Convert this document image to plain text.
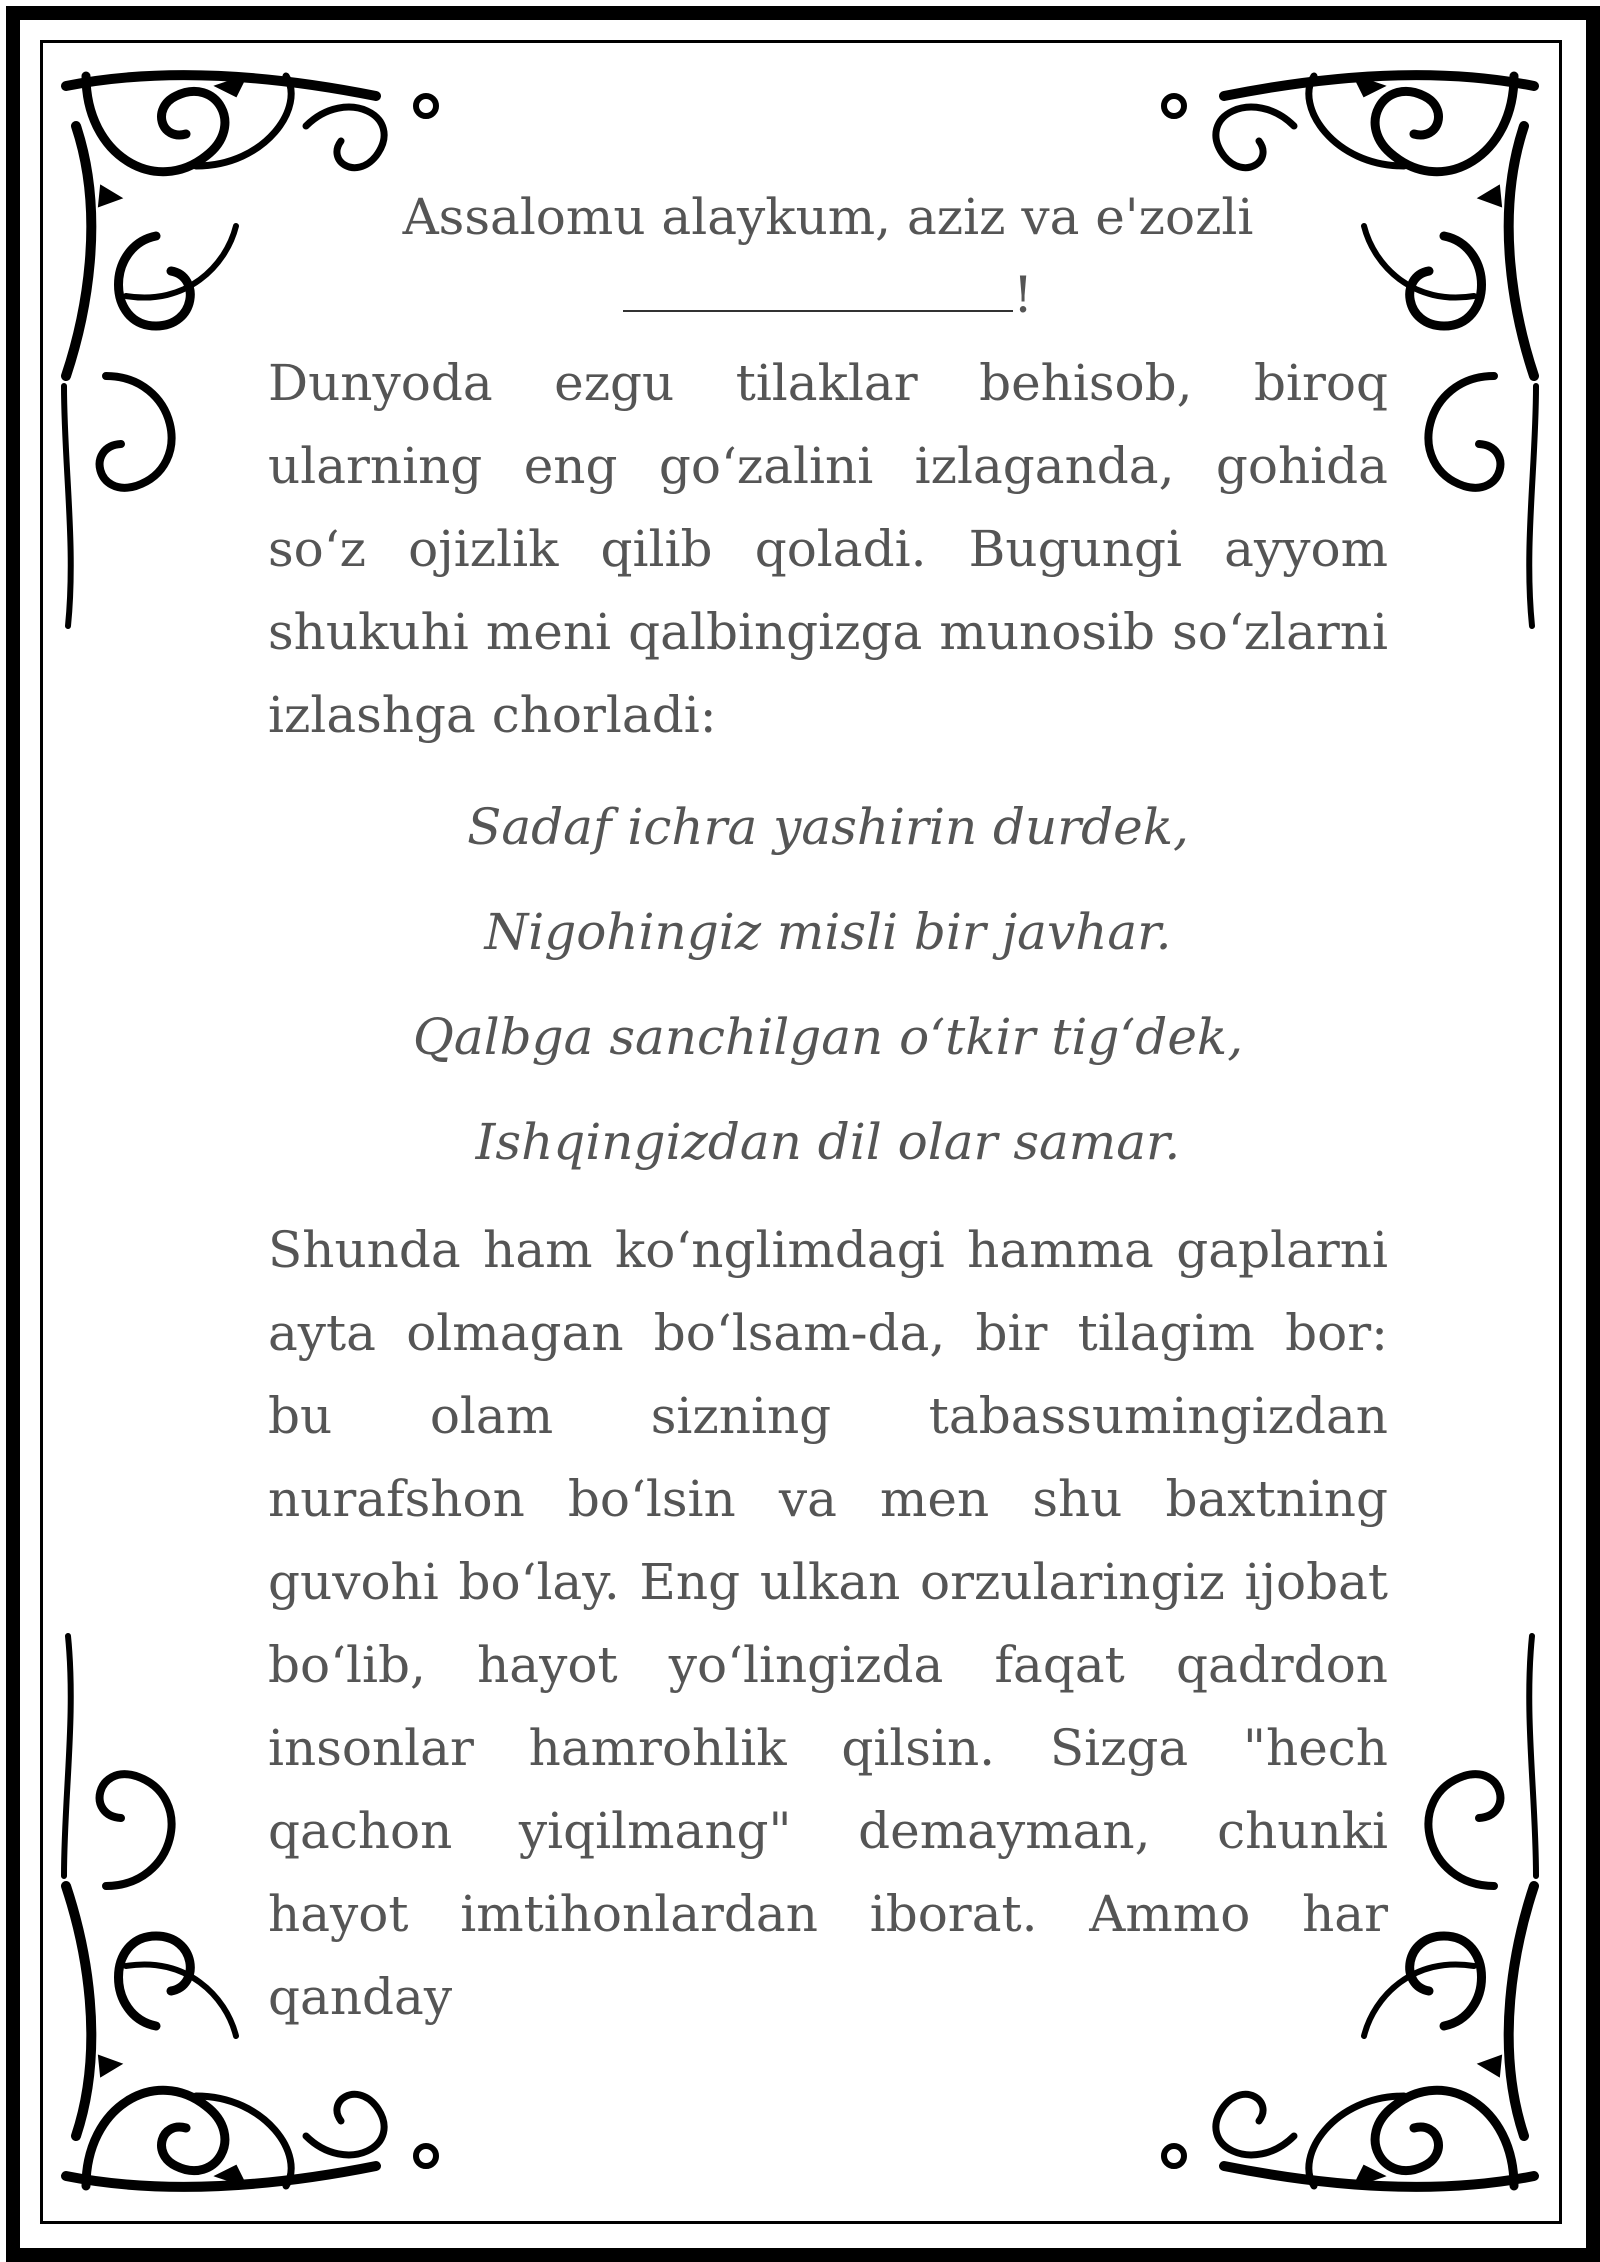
Assalomu alaykum, aziz va e'zozli
!

Dunyoda ezgu tilaklar behisob, biroq ularning eng go‘zalini izlaganda, gohida so‘z ojizlik qilib qoladi. Bugungi ayyom shukuhi meni qalbingizga munosib so‘zlarni izlashga chorladi:

Sadaf ichra yashirin durdek,

Nigohingiz misli bir javhar.

Qalbga sanchilgan o‘tkir tig‘dek,

Ishqingizdan dil olar samar.

Shunda ham ko‘nglimdagi hamma gaplarni ayta olmagan bo‘lsam-da, bir tilagim bor: bu olam sizning tabassumingizdan nurafshon bo‘lsin va men shu baxtning guvohi bo‘lay. Eng ulkan orzularingiz ijobat bo‘lib, hayot yo‘lingizda faqat qadrdon insonlar hamrohlik qilsin. Sizga "hech qachon yiqilmang" demayman, chunki hayot imtihonlardan iborat. Ammo har qanday
